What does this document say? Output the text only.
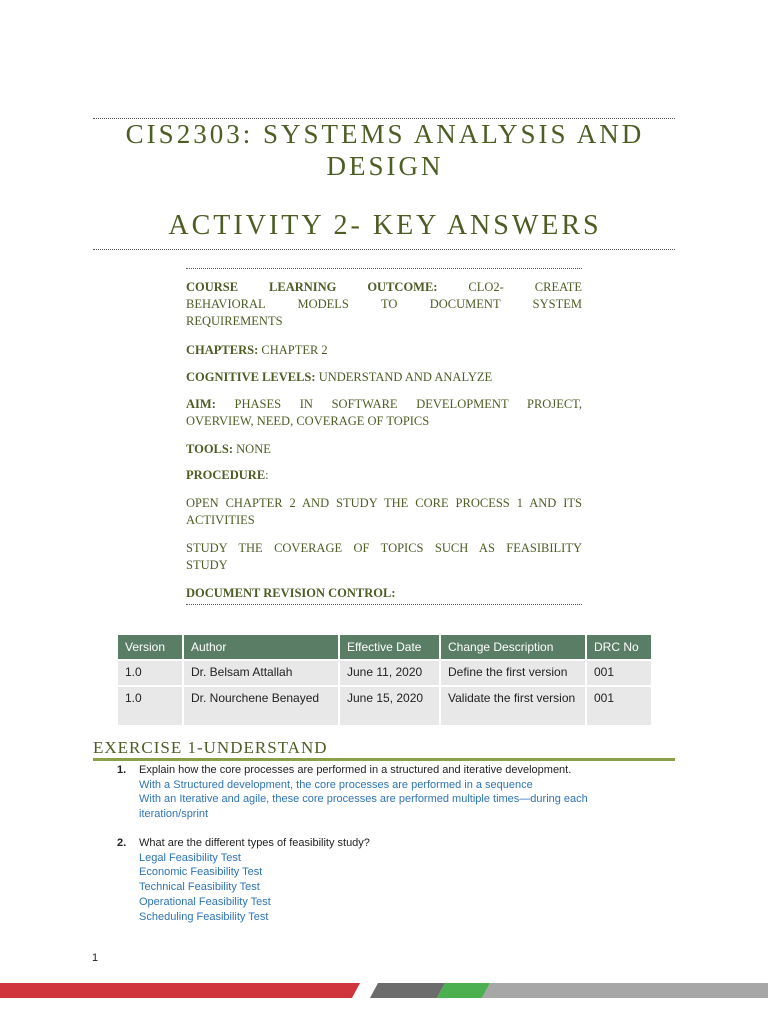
CIS2303: SYSTEMS ANALYSIS AND
DESIGN
ACTIVITY 2- KEY ANSWERS
COURSE LEARNING OUTCOME: CLO2- CREATE
BEHAVIORAL MODELS TO DOCUMENT SYSTEM
REQUIREMENTS
CHAPTERS: CHAPTER 2
COGNITIVE LEVELS: UNDERSTAND AND ANALYZE
AIM: PHASES IN SOFTWARE DEVELOPMENT PROJECT,
OVERVIEW, NEED, COVERAGE OF TOPICS
TOOLS: NONE
PROCEDURE:
OPEN CHAPTER 2 AND STUDY THE CORE PROCESS 1 AND ITS
ACTIVITIES
STUDY THE COVERAGE OF TOPICS SUCH AS FEASIBILITY
STUDY
DOCUMENT REVISION CONTROL:
Version	Author	Effective Date	Change Description	DRC No
1.0	Dr. Belsam Attallah	June 11, 2020	Define the first version	001
1.0	Dr. Nourchene Benayed	June 15, 2020	Validate the first version	001
EXERCISE 1-UNDERSTAND
1. Explain how the core processes are performed in a structured and iterative development.
With a Structured development, the core processes are performed in a sequence
With an Iterative and agile, these core processes are performed multiple times—during each iteration/sprint
2. What are the different types of feasibility study?
Legal Feasibility Test
Economic Feasibility Test
Technical Feasibility Test
Operational Feasibility Test
Scheduling Feasibility Test
1
